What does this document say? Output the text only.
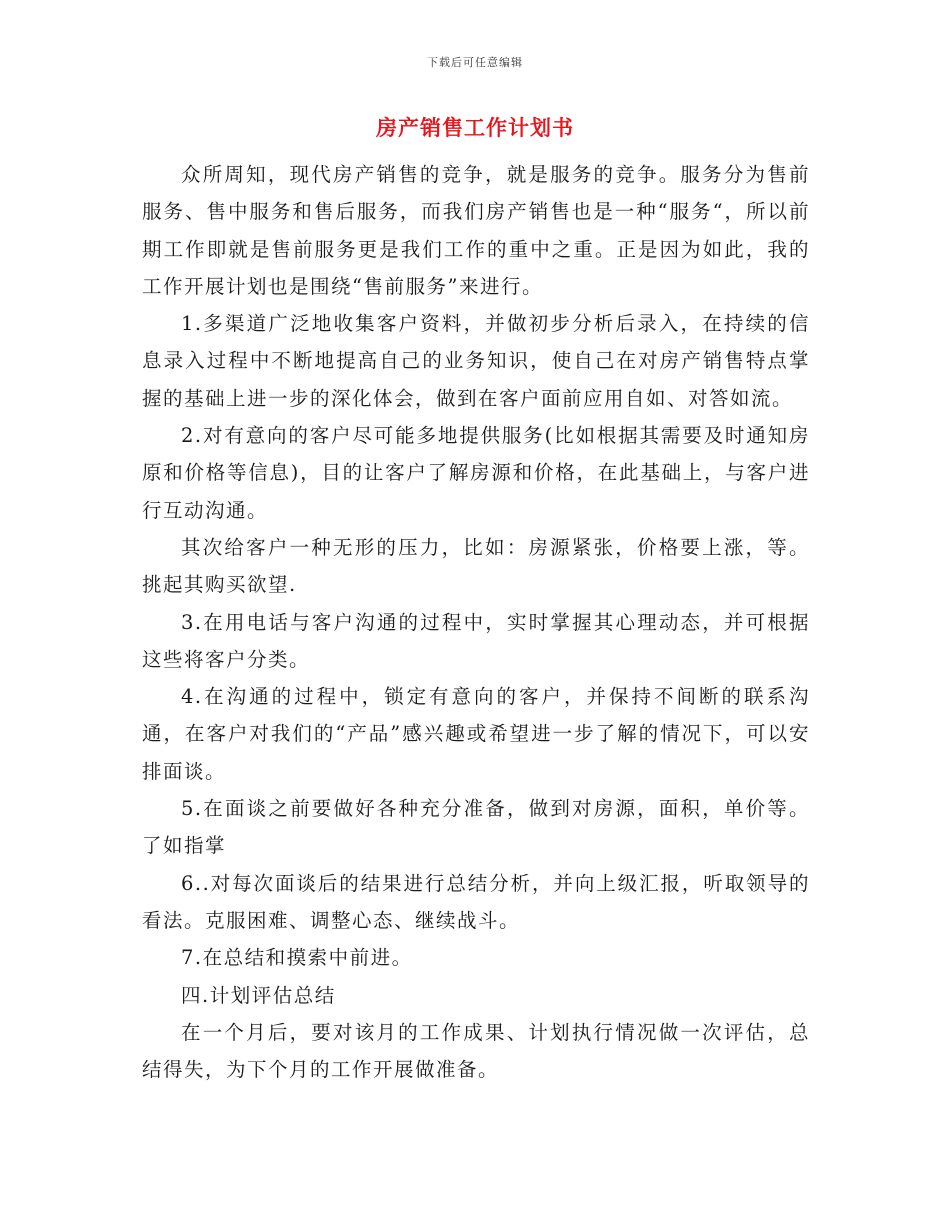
下载后可任意编辑
房产销售工作计划书

众所周知，现代房产销售的竞争，就是服务的竞争。服务分为售前服务、售中服务和售后服务，而我们房产销售也是一种“服务“，所以前期工作即就是售前服务更是我们工作的重中之重。正是因为如此，我的工作开展计划也是围绕“售前服务”来进行。

1.多渠道广泛地收集客户资料，并做初步分析后录入，在持续的信息录入过程中不断地提高自己的业务知识，使自己在对房产销售特点掌握的基础上进一步的深化体会，做到在客户面前应用自如、对答如流。

2.对有意向的客户尽可能多地提供服务(比如根据其需要及时通知房原和价格等信息)，目的让客户了解房源和价格，在此基础上，与客户进行互动沟通。

其次给客户一种无形的压力，比如：房源紧张，价格要上涨，等。挑起其购买欲望.

3.在用电话与客户沟通的过程中，实时掌握其心理动态，并可根据这些将客户分类。

4.在沟通的过程中，锁定有意向的客户，并保持不间断的联系沟通，在客户对我们的“产品”感兴趣或希望进一步了解的情况下，可以安排面谈。

5.在面谈之前要做好各种充分准备，做到对房源，面积，单价等。了如指掌

6..对每次面谈后的结果进行总结分析，并向上级汇报，听取领导的看法。克服困难、调整心态、继续战斗。

7.在总结和摸索中前进。

四.计划评估总结

在一个月后，要对该月的工作成果、计划执行情况做一次评估，总结得失，为下个月的工作开展做准备。
